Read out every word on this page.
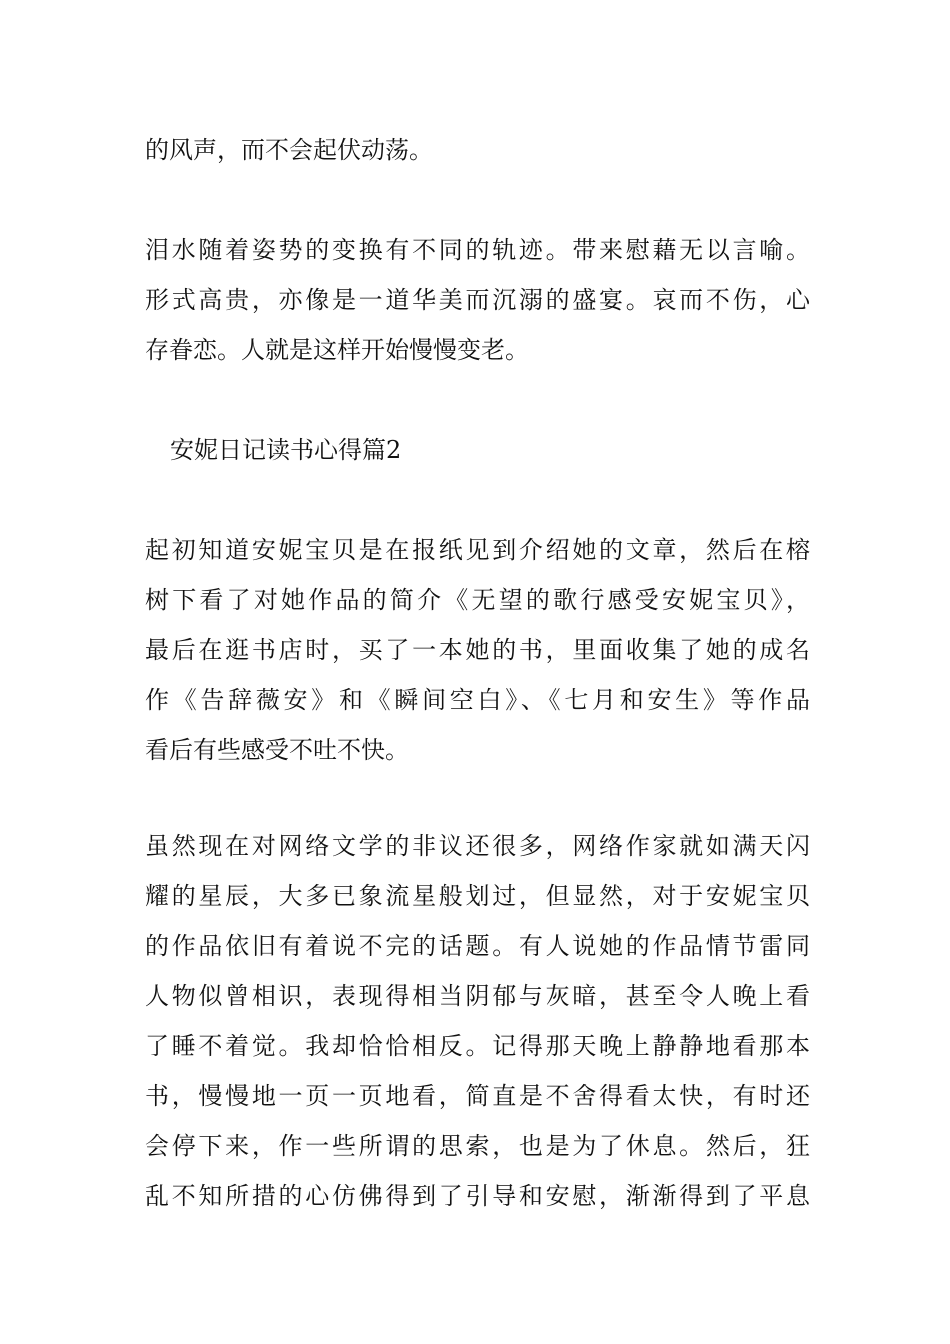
的风声，而不会起伏动荡。

泪水随着姿势的变换有不同的轨迹。带来慰藉无以言喻。

形式高贵，亦像是一道华美而沉溺的盛宴。哀而不伤，心

存眷恋。人就是这样开始慢慢变老。

安妮日记读书心得篇2

起初知道安妮宝贝是在报纸见到介绍她的文章，然后在榕

树下看了对她作品的简介《无望的歌行感受安妮宝贝》，

最后在逛书店时，买了一本她的书，里面收集了她的成名

作《告辞薇安》和《瞬间空白》、《七月和安生》等作品

看后有些感受不吐不快。

虽然现在对网络文学的非议还很多，网络作家就如满天闪

耀的星辰，大多已象流星般划过，但显然，对于安妮宝贝

的作品依旧有着说不完的话题。有人说她的作品情节雷同

人物似曾相识，表现得相当阴郁与灰暗，甚至令人晚上看

了睡不着觉。我却恰恰相反。记得那天晚上静静地看那本

书，慢慢地一页一页地看，简直是不舍得看太快，有时还

会停下来，作一些所谓的思索，也是为了休息。然后，狂

乱不知所措的心仿佛得到了引导和安慰，渐渐得到了平息
